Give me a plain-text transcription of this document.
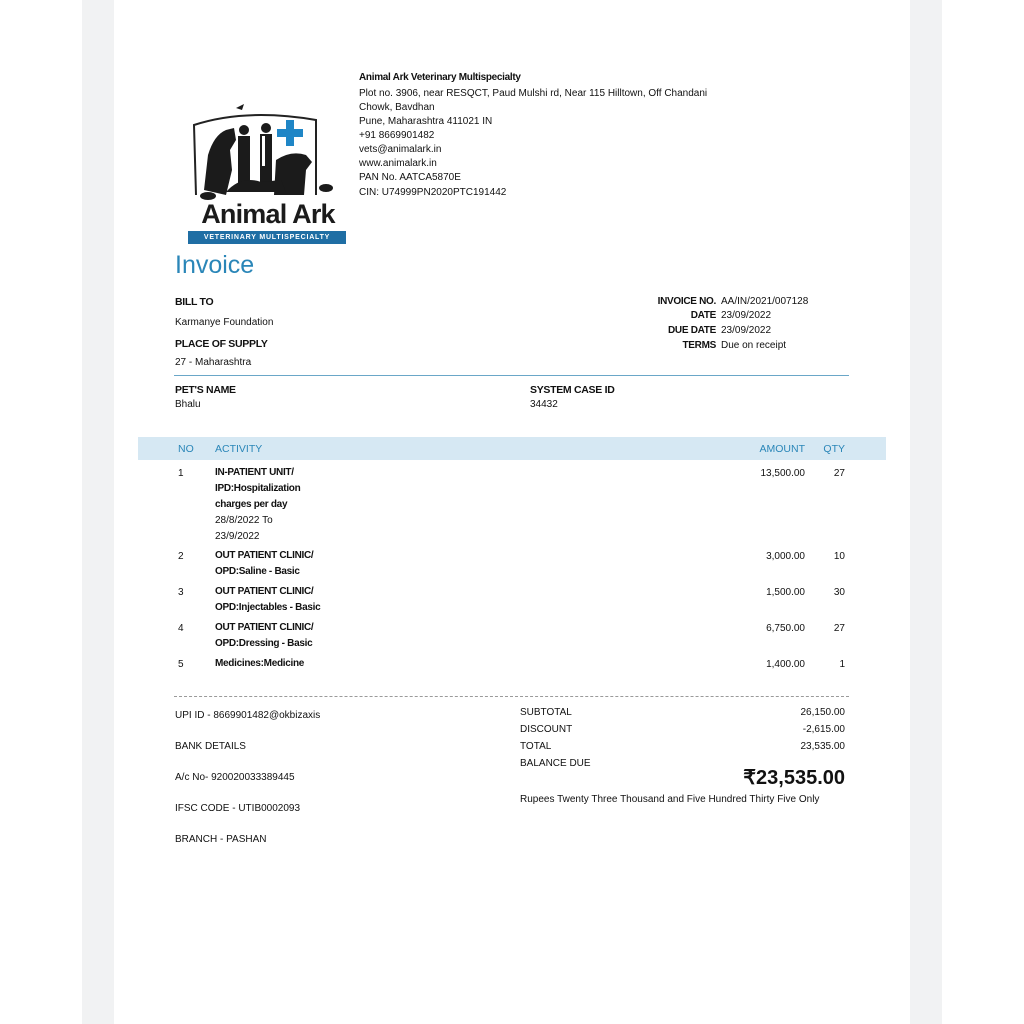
Animal Ark
VETERINARY MULTISPECIALTY
Animal Ark Veterinary Multispecialty
Plot no. 3906, near RESQCT, Paud Mulshi rd, Near 115 Hilltown, Off Chandani
Chowk, Bavdhan
Pune, Maharashtra 411021 IN
+91 8669901482
vets@animalark.in
www.animalark.in
PAN No. AATCA5870E
CIN: U74999PN2020PTC191442
Invoice
BILL TO
Karmanye Foundation
PLACE OF SUPPLY
27 - Maharashtra
INVOICE NO. AA/IN/2021/007128
DATE 23/09/2022
DUE DATE 23/09/2022
TERMS Due on receipt
PET'S NAME
Bhalu
SYSTEM CASE ID
34432
NO ACTIVITY	AMOUNT	QTY
1	IN-PATIENT UNIT/
IPD:Hospitalization
charges per day
28/8/2022 To
23/9/2022
13,500.00	27
2	OUT PATIENT CLINIC/
OPD:Saline - Basic
3,000.00	10
3	OUT PATIENT CLINIC/
OPD:Injectables - Basic
1,500.00	30
4	OUT PATIENT CLINIC/
OPD:Dressing - Basic
6,750.00	27
5	Medicines:Medicine	1,400.00	1
UPI ID - 8669901482@okbizaxis
BANK DETAILS
A/c No- 920020033389445
IFSC CODE - UTIB0002093
BRANCH - PASHAN
SUBTOTAL	26,150.00
DISCOUNT	-2,615.00
TOTAL	23,535.00
BALANCE DUE
₹23,535.00
Rupees Twenty Three Thousand and Five Hundred Thirty Five Only
